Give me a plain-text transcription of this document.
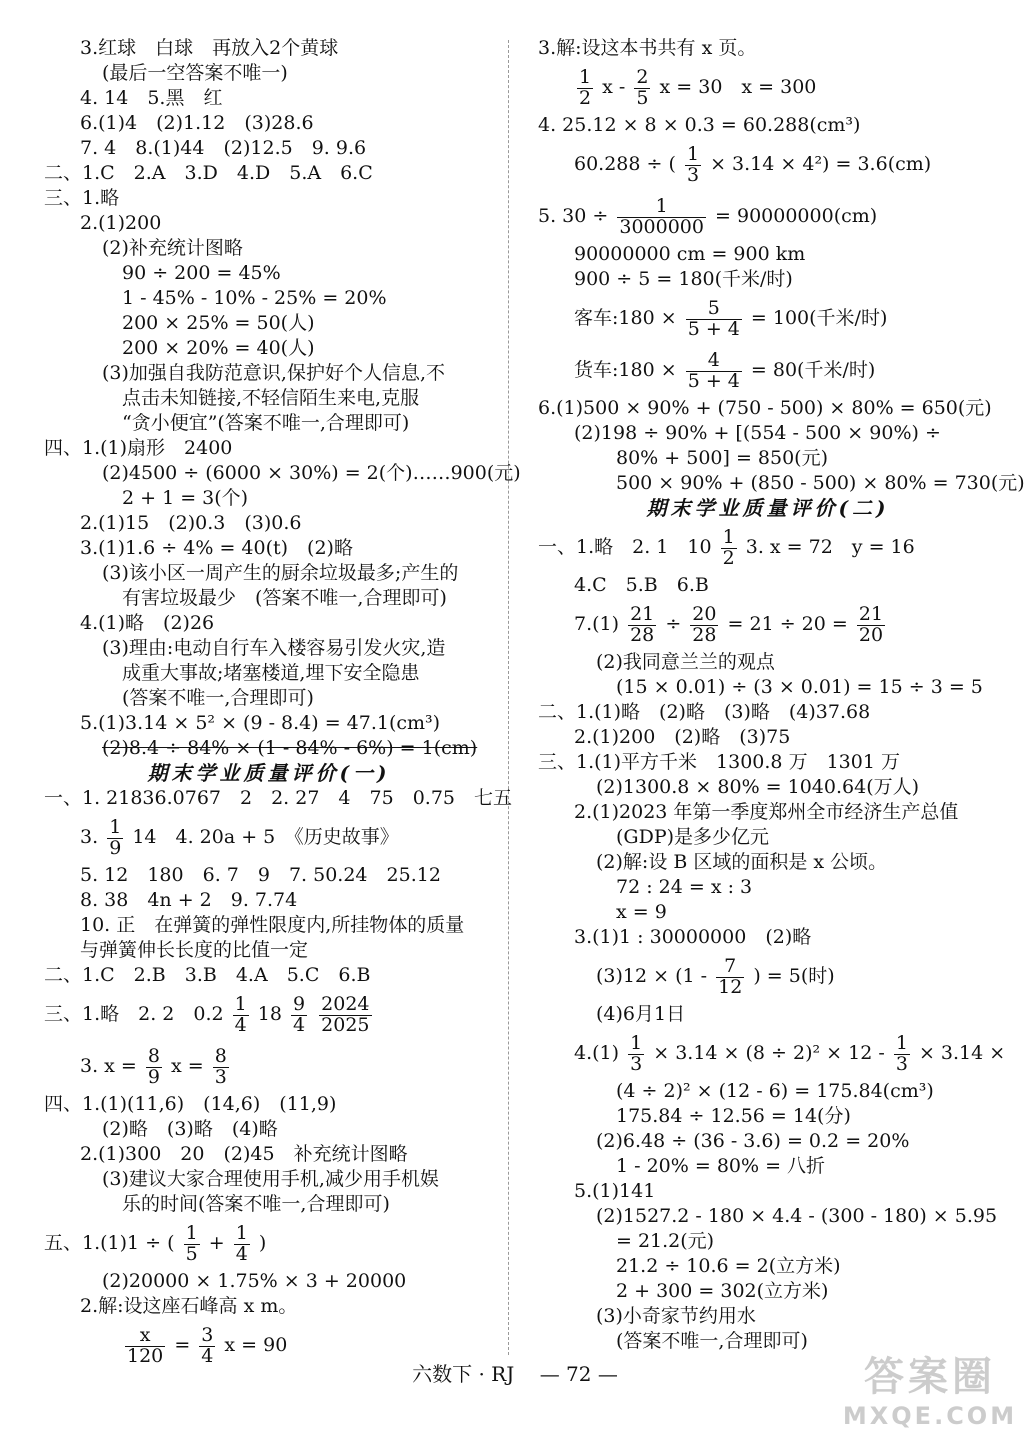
3.红球　白球　再放入2个黄球
(最后一空答案不唯一)
4. 14　5.黑　红
6.(1)4　(2)1.12　(3)28.6
7. 4　8.(1)44　(2)12.5　9. 9.6
二、1.C　2.A　3.D　4.D　5.A　6.C
三、1.略
2.(1)200
(2)补充统计图略
90 ÷ 200 = 45%
1 - 45% - 10% - 25% = 20%
200 × 25% = 50(人)
200 × 20% = 40(人)
(3)加强自我防范意识,保护好个人信息,不
点击未知链接,不轻信陌生来电,克服
“贪小便宜”(答案不唯一,合理即可)
四、1.(1)扇形　2400
(2)4500 ÷ (6000 × 30%) = 2(个)……900(元)
2 + 1 = 3(个)
2.(1)15　(2)0.3　(3)0.6
3.(1)1.6 ÷ 4% = 40(t)　(2)略
(3)该小区一周产生的厨余垃圾最多;产生的
有害垃圾最少　(答案不唯一,合理即可)
4.(1)略　(2)26
(3)理由:电动自行车入楼容易引发火灾,造
成重大事故;堵塞楼道,埋下安全隐患
(答案不唯一,合理即可)
5.(1)3.14 × 5² × (9 - 8.4) = 47.1(cm³)
(2)8.4 ÷ 84% × (1 - 84% - 6%) = 1(cm)
期末学业质量评价(一)
一、1. 21836.0767　2　2. 27　4　75　0.75　七五
3. $\frac{1}{9} 14$　4. 20a + 5　《历史故事》
5. 12　180　6. 7　9　7. 50.24　25.12
8. 38　4n + 2　9. 7.74
10. 正　在弹簧的弹性限度内,所挂物体的质量
与弹簧伸长长度的比值一定
二、1.C　2.B　3.B　4.A　5.C　6.B
三、1.略　2. 2　$0.2 \frac{1}{4} 18 \frac{9}{4}$
$\frac{2024}{2025}$
3. $x = \frac{8}{9}$ $x = \frac{8}{3}$
四、1.(1)(11,6)　(14,6)　(11,9)
(2)略　(3)略　(4)略
2.(1)300　20　(2)45　补充统计图略
(3)建议大家合理使用手机,减少用手机娱
乐的时间(答案不唯一,合理即可)
五、1.(1)1 ÷ ( $\frac{1}{5} + \frac{1}{4}$ )
(2)20000 × 1.75% × 3 + 20000
2.解:设这座石峰高 x m。
$\frac{x}{120} = \frac{3}{4}$ x = 90
3.解:设这本书共有 x 页。
$\frac{1}{2}$ x - $\frac{2}{5}$ x = 30　x = 300
4. 25.12 × 8 × 0.3 = 60.288(cm³)
60.288 ÷ ( $\frac{1}{3} \times 3.14 \times 4^2) = 3.6(cm)$
5. $30 \div \frac{1}{3000000} = 90000000(cm)$
90000000 cm = 900 km
900 ÷ 5 = 180(千米/时)
客车:180 × $\frac{5}{5 + 4} = 100$(千米/时)
货车:180 × $\frac{4}{5 + 4} = 80$(千米/时)
6.(1)500 × 90% + (750 - 500) × 80% = 650(元)
(2)198 ÷ 90% + [(554 - 500 × 90%) ÷
80% + 500] = 850(元)
500 × 90% + (850 - 500) × 80% = 730(元)
期末学业质量评价(二)
一、1.略　2. 1　$10 \frac{1}{2} 3$. x = 72　y = 16
4.C　5.B　6.B
$7.(1) \frac{21}{28} \div \frac{20}{28} = 21 \div 20 = \frac{21}{20}$
(2)我同意兰兰的观点
(15 × 0.01) ÷ (3 × 0.01) = 15 ÷ 3 = 5
二、1.(1)略　(2)略　(3)略　(4)37.68
2.(1)200　(2)略　(3)75
三、1.(1)平方千米　1300.8 万　1301 万
(2)1300.8 × 80% = 1040.64(万人)
2.(1)2023 年第一季度郑州全市经济生产总值
(GDP)是多少亿元
(2)解:设 B 区域的面积是 x 公顷。
72 : 24 = x : 3
x = 9
3.(1)1 : 30000000　(2)略
$(3)12 \times (1 - \frac{7}{12}$ ) = 5(时)
(4)6月1日
$4.(1) \frac{1}{3} \times 3.14 \times (8 \div 2)^2 \times 12 - \frac{1}{3} \times 3.14$ ×
(4 ÷ 2)² × (12 - 6) = 175.84(cm³)
175.84 ÷ 12.56 = 14(分)
(2)6.48 ÷ (36 - 3.6) = 0.2 = 20%
1 - 20% = 80% = 八折
5.(1)141
(2)1527.2 - 180 × 4.4 - (300 - 180) × 5.95
= 21.2(元)
21.2 ÷ 10.6 = 2(立方米)
2 + 300 = 302(立方米)
(3)小奇家节约用水
(答案不唯一,合理即可)
六数下 · RJ — 72 —	答案圈
MXQE.COM
